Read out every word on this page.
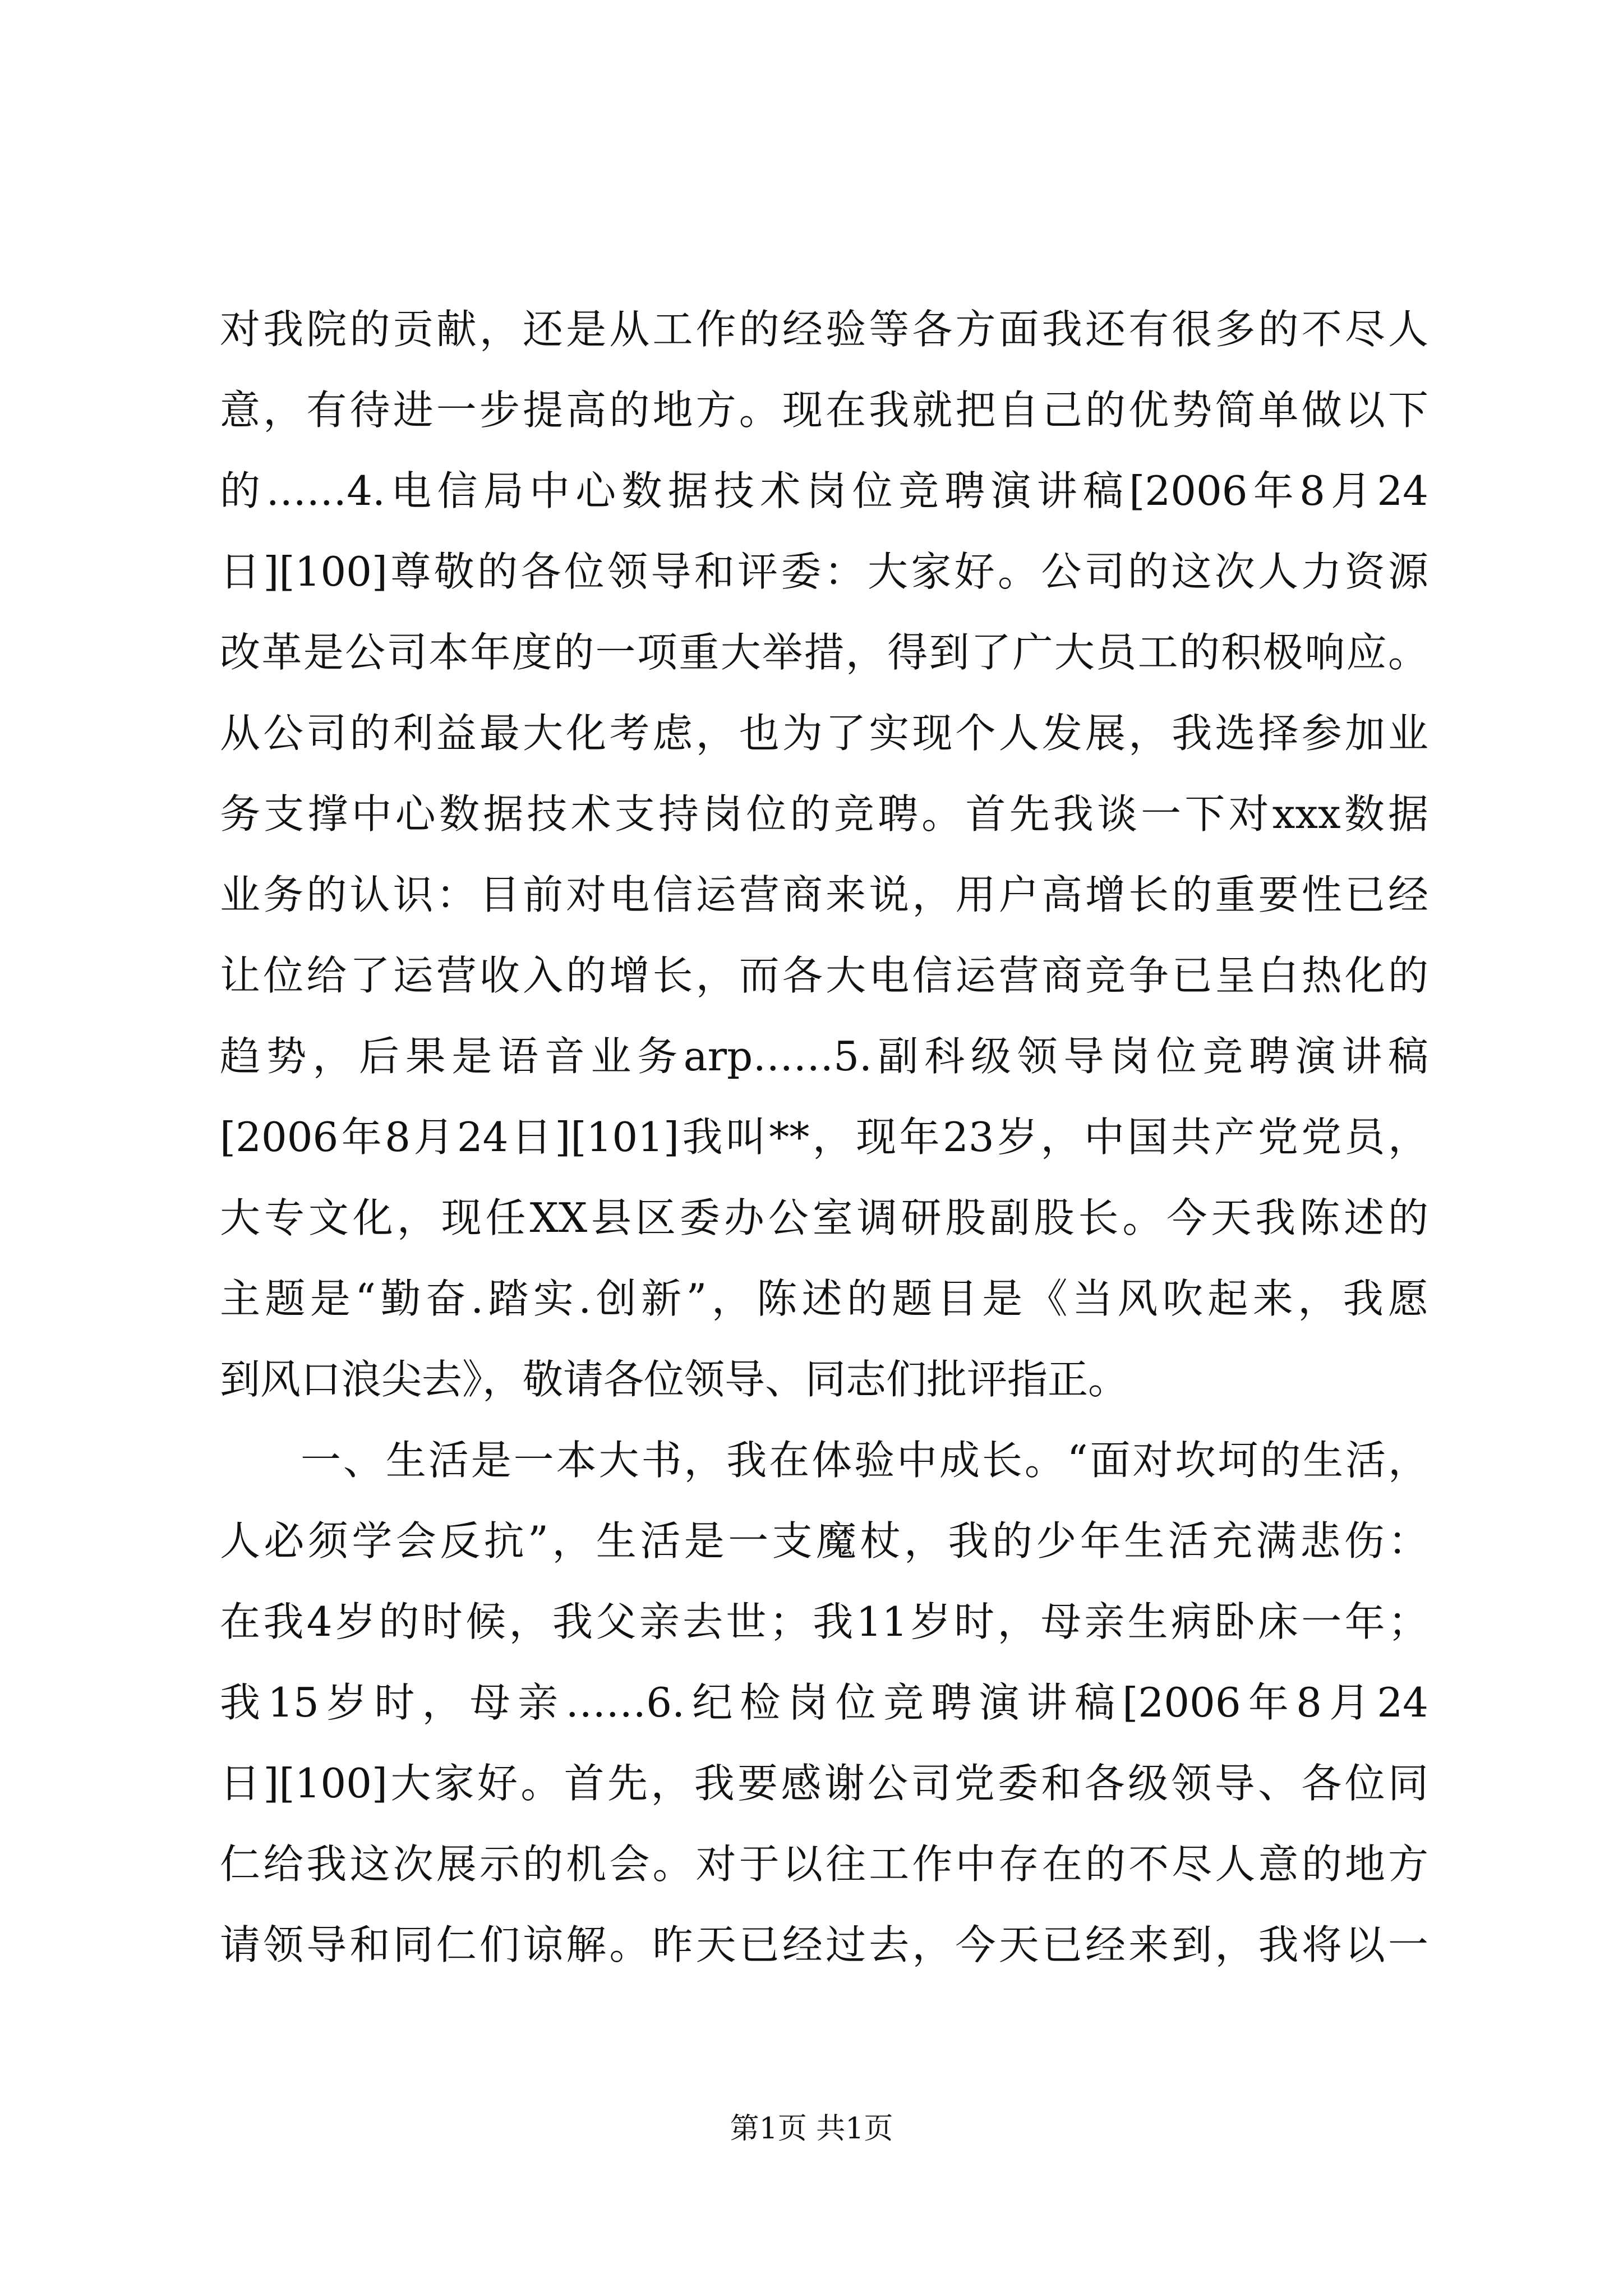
对我院的贡献，还是从工作的经验等各方面我还有很多的不尽人
意，有待进一步提高的地方。现在我就把自己的优势简单做以下
的……4.电信局中心数据技术岗位竞聘演讲稿[2006年8月24
日][100]尊敬的各位领导和评委：大家好。公司的这次人力资源
改革是公司本年度的一项重大举措，得到了广大员工的积极响应。
从公司的利益最大化考虑，也为了实现个人发展，我选择参加业
务支撑中心数据技术支持岗位的竞聘。首先我谈一下对xxx数据
业务的认识：目前对电信运营商来说，用户高增长的重要性已经
让位给了运营收入的增长，而各大电信运营商竞争已呈白热化的
趋势，后果是语音业务arp……5.副科级领导岗位竞聘演讲稿
[2006年8月24日][101]我叫**，现年23岁，中国共产党党员，
大专文化，现任XX县区委办公室调研股副股长。今天我陈述的
主题是“勤奋.踏实.创新”，陈述的题目是《当风吹起来，我愿
到风口浪尖去》，敬请各位领导、同志们批评指正。
一、生活是一本大书，我在体验中成长。“面对坎坷的生活，
人必须学会反抗”，生活是一支魔杖，我的少年生活充满悲伤：
在我4岁的时候，我父亲去世；我11岁时，母亲生病卧床一年；
我15岁时，母亲……6.纪检岗位竞聘演讲稿[2006年8月24
日][100]大家好。首先，我要感谢公司党委和各级领导、各位同
仁给我这次展示的机会。对于以往工作中存在的不尽人意的地方
请领导和同仁们谅解。昨天已经过去，今天已经来到，我将以一
第1页 共1页
